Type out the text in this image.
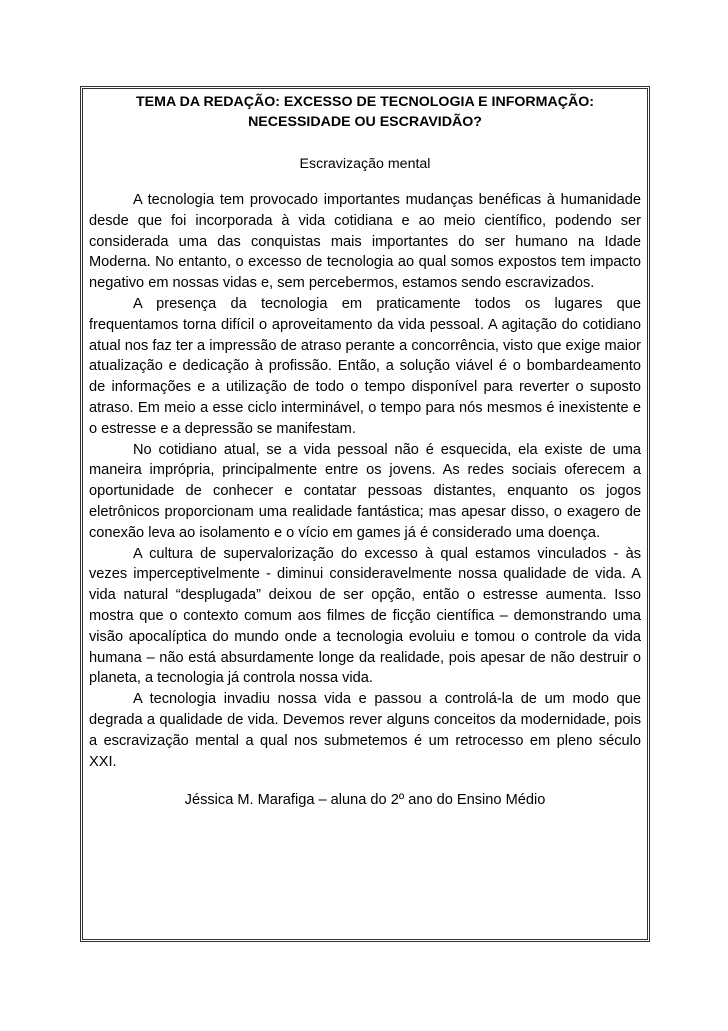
TEMA DA REDAÇÃO: EXCESSO DE TECNOLOGIA E INFORMAÇÃO:
NECESSIDADE OU ESCRAVIDÃO?

Escravização mental

A tecnologia tem provocado importantes mudanças benéficas à humanidade desde que foi incorporada à vida cotidiana e ao meio científico, podendo ser considerada uma das conquistas mais importantes do ser humano na Idade Moderna. No entanto, o excesso de tecnologia ao qual somos expostos tem impacto negativo em nossas vidas e, sem percebermos, estamos sendo escravizados.

A presença da tecnologia em praticamente todos os lugares que frequentamos torna difícil o aproveitamento da vida pessoal. A agitação do cotidiano atual nos faz ter a impressão de atraso perante a concorrência, visto que exige maior atualização e dedicação à profissão. Então, a solução viável é o bombardeamento de informações e a utilização de todo o tempo disponível para reverter o suposto atraso. Em meio a esse ciclo interminável, o tempo para nós mesmos é inexistente e o estresse e a depressão se manifestam.

No cotidiano atual, se a vida pessoal não é esquecida, ela existe de uma maneira imprópria, principalmente entre os jovens. As redes sociais oferecem a oportunidade de conhecer e contatar pessoas distantes, enquanto os jogos eletrônicos proporcionam uma realidade fantástica; mas apesar disso, o exagero de conexão leva ao isolamento e o vício em games já é considerado uma doença.

A cultura de supervalorização do excesso à qual estamos vinculados - às vezes imperceptivelmente - diminui consideravelmente nossa qualidade de vida. A vida natural “desplugada” deixou de ser opção, então o estresse aumenta. Isso mostra que o contexto comum aos filmes de ficção científica – demonstrando uma visão apocalíptica do mundo onde a tecnologia evoluiu e tomou o controle da vida humana – não está absurdamente longe da realidade, pois apesar de não destruir o planeta, a tecnologia já controla nossa vida.

A tecnologia invadiu nossa vida e passou a controlá-la de um modo que degrada a qualidade de vida. Devemos rever alguns conceitos da modernidade, pois a escravização mental a qual nos submetemos é um retrocesso em pleno século XXI.

Jéssica M. Marafiga – aluna do 2º ano do Ensino Médio
